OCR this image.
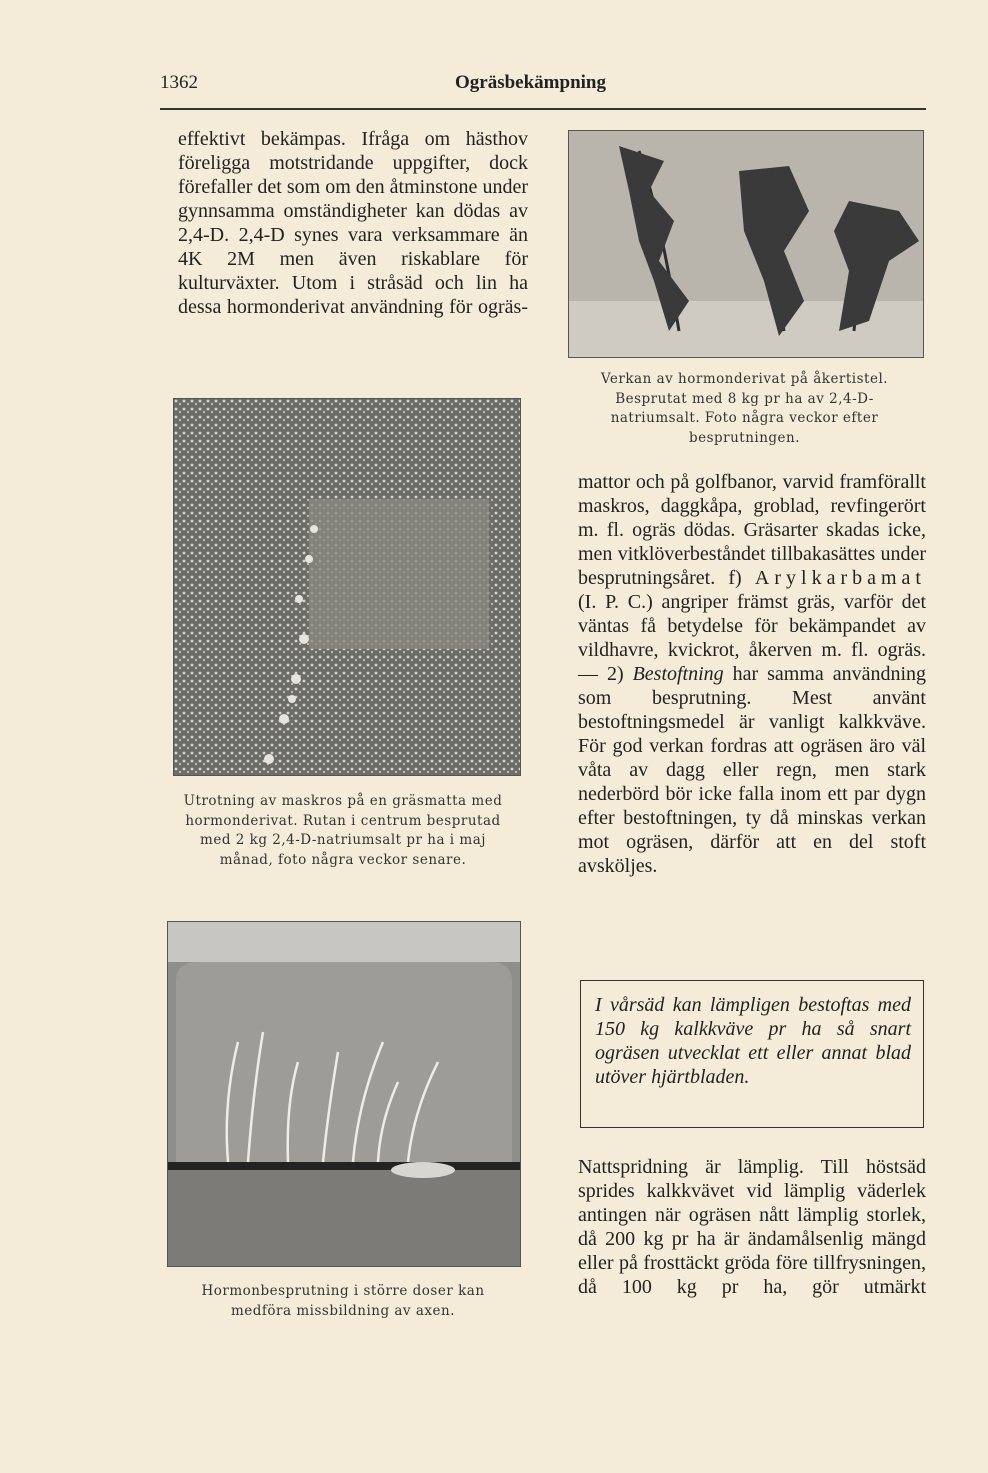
1362	Ogräsbekämpning

effektivt bekämpas. Ifråga om hästhov föreligga motstridande uppgifter, dock förefaller det som om den åtminstone under gynnsamma omständigheter kan dödas av 2,4-D. 2,4-D synes vara verksammare än 4K 2M men även riskablare för kulturväxter. Utom i stråsäd och lin ha dessa hormonderivat användning för ogräs-

Verkan av hormonderivat på åkertistel. Besprutat med 8 kg pr ha av 2,4-D-natriumsalt. Foto några veckor efter besprutningen.

mattor och på golfbanor, varvid framförallt maskros, daggkåpa, groblad, revfingerört m. fl. ogräs dödas. Gräsarter skadas icke, men vitklöverbeståndet tillbakasättes under besprutningsåret. f) Arylkarbamat (I. P. C.) angriper främst gräs, varför det väntas få betydelse för bekämpandet av vildhavre, kvickrot, åkerven m. fl. ogräs. — 2) Bestoftning har samma användning som besprutning. Mest använt bestoftningsmedel är vanligt kalkkväve. För god verkan fordras att ogräsen äro väl våta av dagg eller regn, men stark nederbörd bör icke falla inom ett par dygn efter bestoftningen, ty då minskas verkan mot ogräsen, därför att en del stoft avsköljes.

Utrotning av maskros på en gräsmatta med hormonderivat. Rutan i centrum besprutad med 2 kg 2,4-D-natriumsalt pr ha i maj månad, foto några veckor senare.

Hormonbesprutning i större doser kan medföra missbildning av axen.

I vårsäd kan lämpligen bestoftas med 150 kg kalkkväve pr ha så snart ogräsen utvecklat ett eller annat blad utöver hjärtbladen.

Nattspridning är lämplig. Till höstsäd sprides kalkkvävet vid lämplig väderlek antingen när ogräsen nått lämplig storlek, då 200 kg pr ha är ändamålsenlig mängd eller på frosttäckt gröda före tillfrysningen, då 100 kg pr ha, gör utmärkt
